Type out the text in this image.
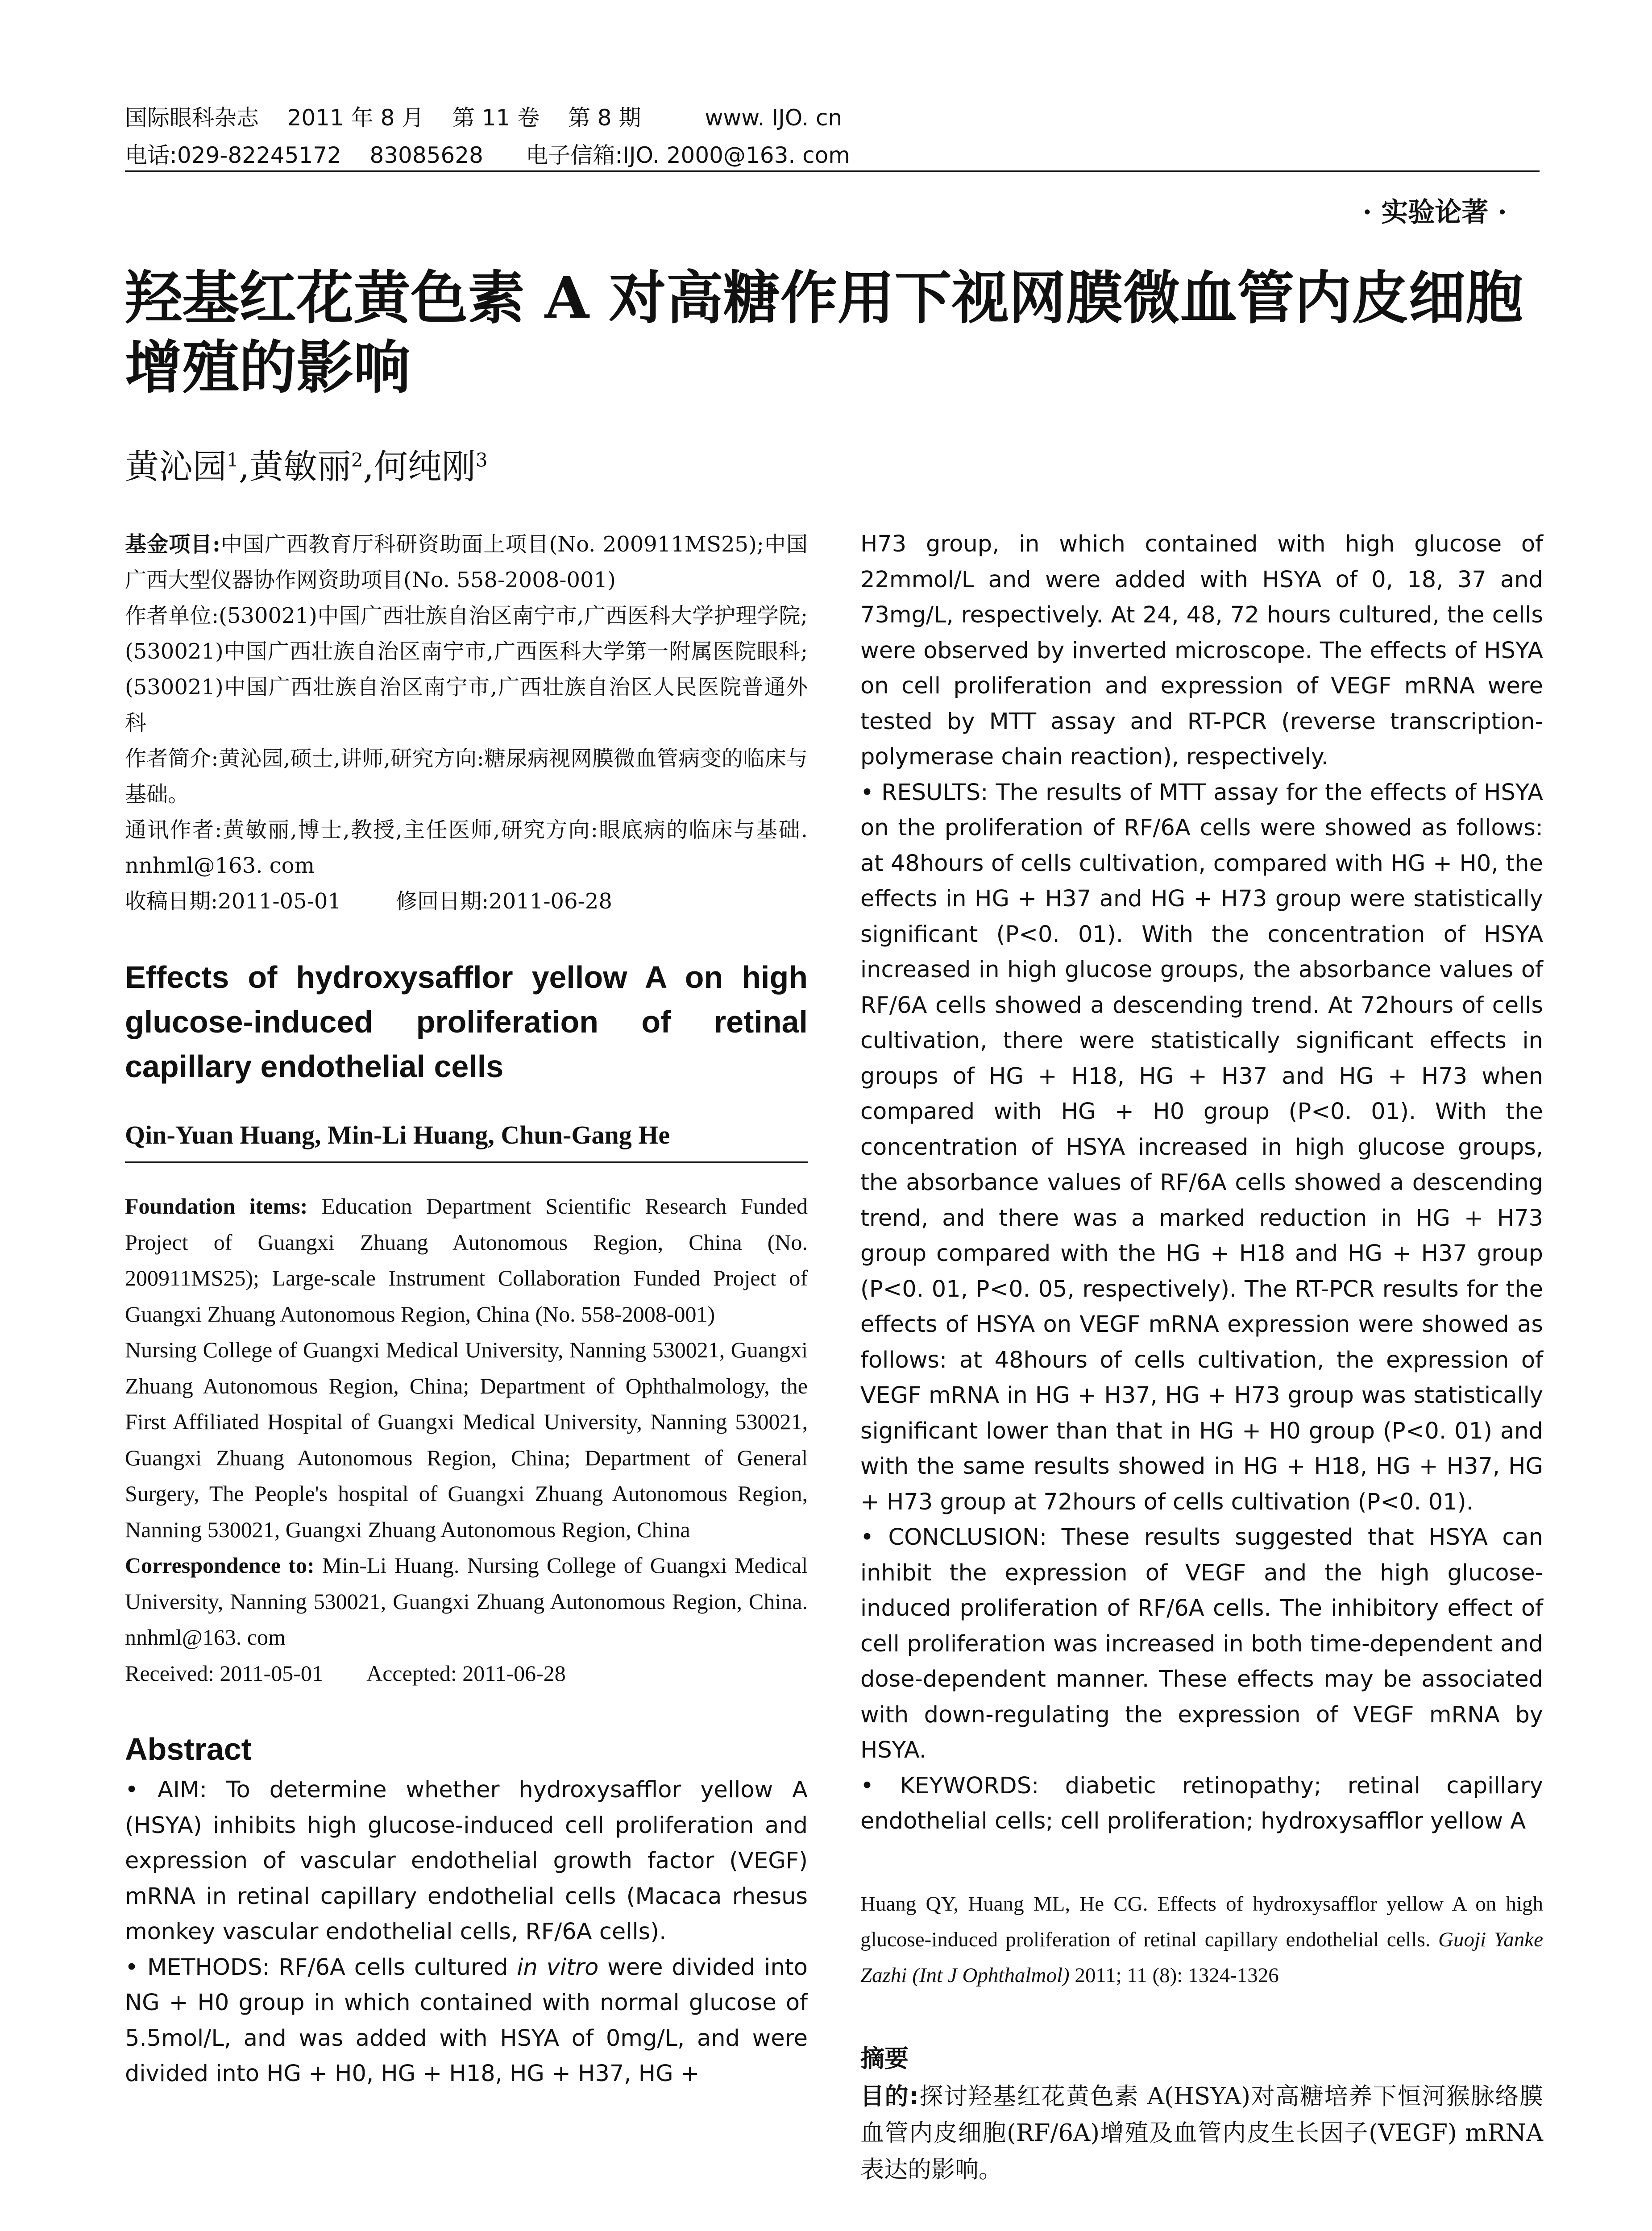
国际眼科杂志    2011 年 8 月    第 11 卷    第 8 期         www. IJO. cn
电话:029-82245172    83085628      电子信箱:IJO. 2000@163. com
· 实验论著 ·
羟基红花黄色素 A 对高糖作用下视网膜微血管内皮细胞增殖的影响
黄沁园$^1$,黄敏丽$^2$,何纯刚$^3$

基金项目:中国广西教育厅科研资助面上项目(No. 200911MS25);中国广西大型仪器协作网资助项目(No. 558-2008-001)

作者单位:(530021)中国广西壮族自治区南宁市,广西医科大学护理学院;(530021)中国广西壮族自治区南宁市,广西医科大学第一附属医院眼科;(530021)中国广西壮族自治区南宁市,广西壮族自治区人民医院普通外科

作者简介:黄沁园,硕士,讲师,研究方向:糖尿病视网膜微血管病变的临床与基础。

通讯作者:黄敏丽,博士,教授,主任医师,研究方向:眼底病的临床与基础. nnhml@163. com

收稿日期:2011-05-01	修回日期:2011-06-28
Effects of hydroxysafflor yellow A on high glucose-induced proliferation of retinal capillary endothelial cells
Qin-Yuan Huang, Min-Li Huang, Chun-Gang He

Foundation items: Education Department Scientific Research Funded Project of Guangxi Zhuang Autonomous Region, China (No. 200911MS25); Large-scale Instrument Collaboration Funded Project of Guangxi Zhuang Autonomous Region, China (No. 558-2008-001)

Nursing College of Guangxi Medical University, Nanning 530021, Guangxi Zhuang Autonomous Region, China; Department of Ophthalmology, the First Affiliated Hospital of Guangxi Medical University, Nanning 530021, Guangxi Zhuang Autonomous Region, China; Department of General Surgery, The People's hospital of Guangxi Zhuang Autonomous Region, Nanning 530021, Guangxi Zhuang Autonomous Region, China

Correspondence to: Min-Li Huang. Nursing College of Guangxi Medical University, Nanning 530021, Guangxi Zhuang Autonomous Region, China. nnhml@163. com

Received: 2011-05-01 Accepted: 2011-06-28

Abstract

• AIM: To determine whether hydroxysafflor yellow A (HSYA) inhibits high glucose-induced cell proliferation and expression of vascular endothelial growth factor (VEGF) mRNA in retinal capillary endothelial cells (Macaca rhesus monkey vascular endothelial cells, RF/6A cells).

• METHODS: RF/6A cells cultured in vitro were divided into NG + H0 group in which contained with normal glucose of 5.5mol/L, and was added with HSYA of 0mg/L, and were divided into HG + H0, HG + H18, HG + H37, HG +

H73 group, in which contained with high glucose of 22mmol/L and were added with HSYA of 0, 18, 37 and 73mg/L, respectively. At 24, 48, 72 hours cultured, the cells were observed by inverted microscope. The effects of HSYA on cell proliferation and expression of VEGF mRNA were tested by MTT assay and RT-PCR (reverse transcription-polymerase chain reaction), respectively.

• RESULTS: The results of MTT assay for the effects of HSYA on the proliferation of RF/6A cells were showed as follows: at 48hours of cells cultivation, compared with HG + H0, the effects in HG + H37 and HG + H73 group were statistically significant (P<0. 01). With the concentration of HSYA increased in high glucose groups, the absorbance values of RF/6A cells showed a descending trend. At 72hours of cells cultivation, there were statistically significant effects in groups of HG + H18, HG + H37 and HG + H73 when compared with HG + H0 group (P<0. 01). With the concentration of HSYA increased in high glucose groups, the absorbance values of RF/6A cells showed a descending trend, and there was a marked reduction in HG + H73 group compared with the HG + H18 and HG + H37 group (P<0. 01, P<0. 05, respectively). The RT-PCR results for the effects of HSYA on VEGF mRNA expression were showed as follows: at 48hours of cells cultivation, the expression of VEGF mRNA in HG + H37, HG + H73 group was statistically significant lower than that in HG + H0 group (P<0. 01) and with the same results showed in HG + H18, HG + H37, HG + H73 group at 72hours of cells cultivation (P<0. 01).

• CONCLUSION: These results suggested that HSYA can inhibit the expression of VEGF and the high glucose-induced proliferation of RF/6A cells. The inhibitory effect of cell proliferation was increased in both time-dependent and dose-dependent manner. These effects may be associated with down-regulating the expression of VEGF mRNA by HSYA.

• KEYWORDS: diabetic retinopathy; retinal capillary endothelial cells; cell proliferation; hydroxysafflor yellow A

Huang QY, Huang ML, He CG. Effects of hydroxysafflor yellow A on high glucose-induced proliferation of retinal capillary endothelial cells. Guoji Yanke Zazhi (Int J Ophthalmol) 2011; 11 (8): 1324-1326
摘要
目的:探讨羟基红花黄色素 A(HSYA)对高糖培养下恒河猴脉络膜血管内皮细胞(RF/6A)增殖及血管内皮生长因子(VEGF) mRNA 表达的影响。
